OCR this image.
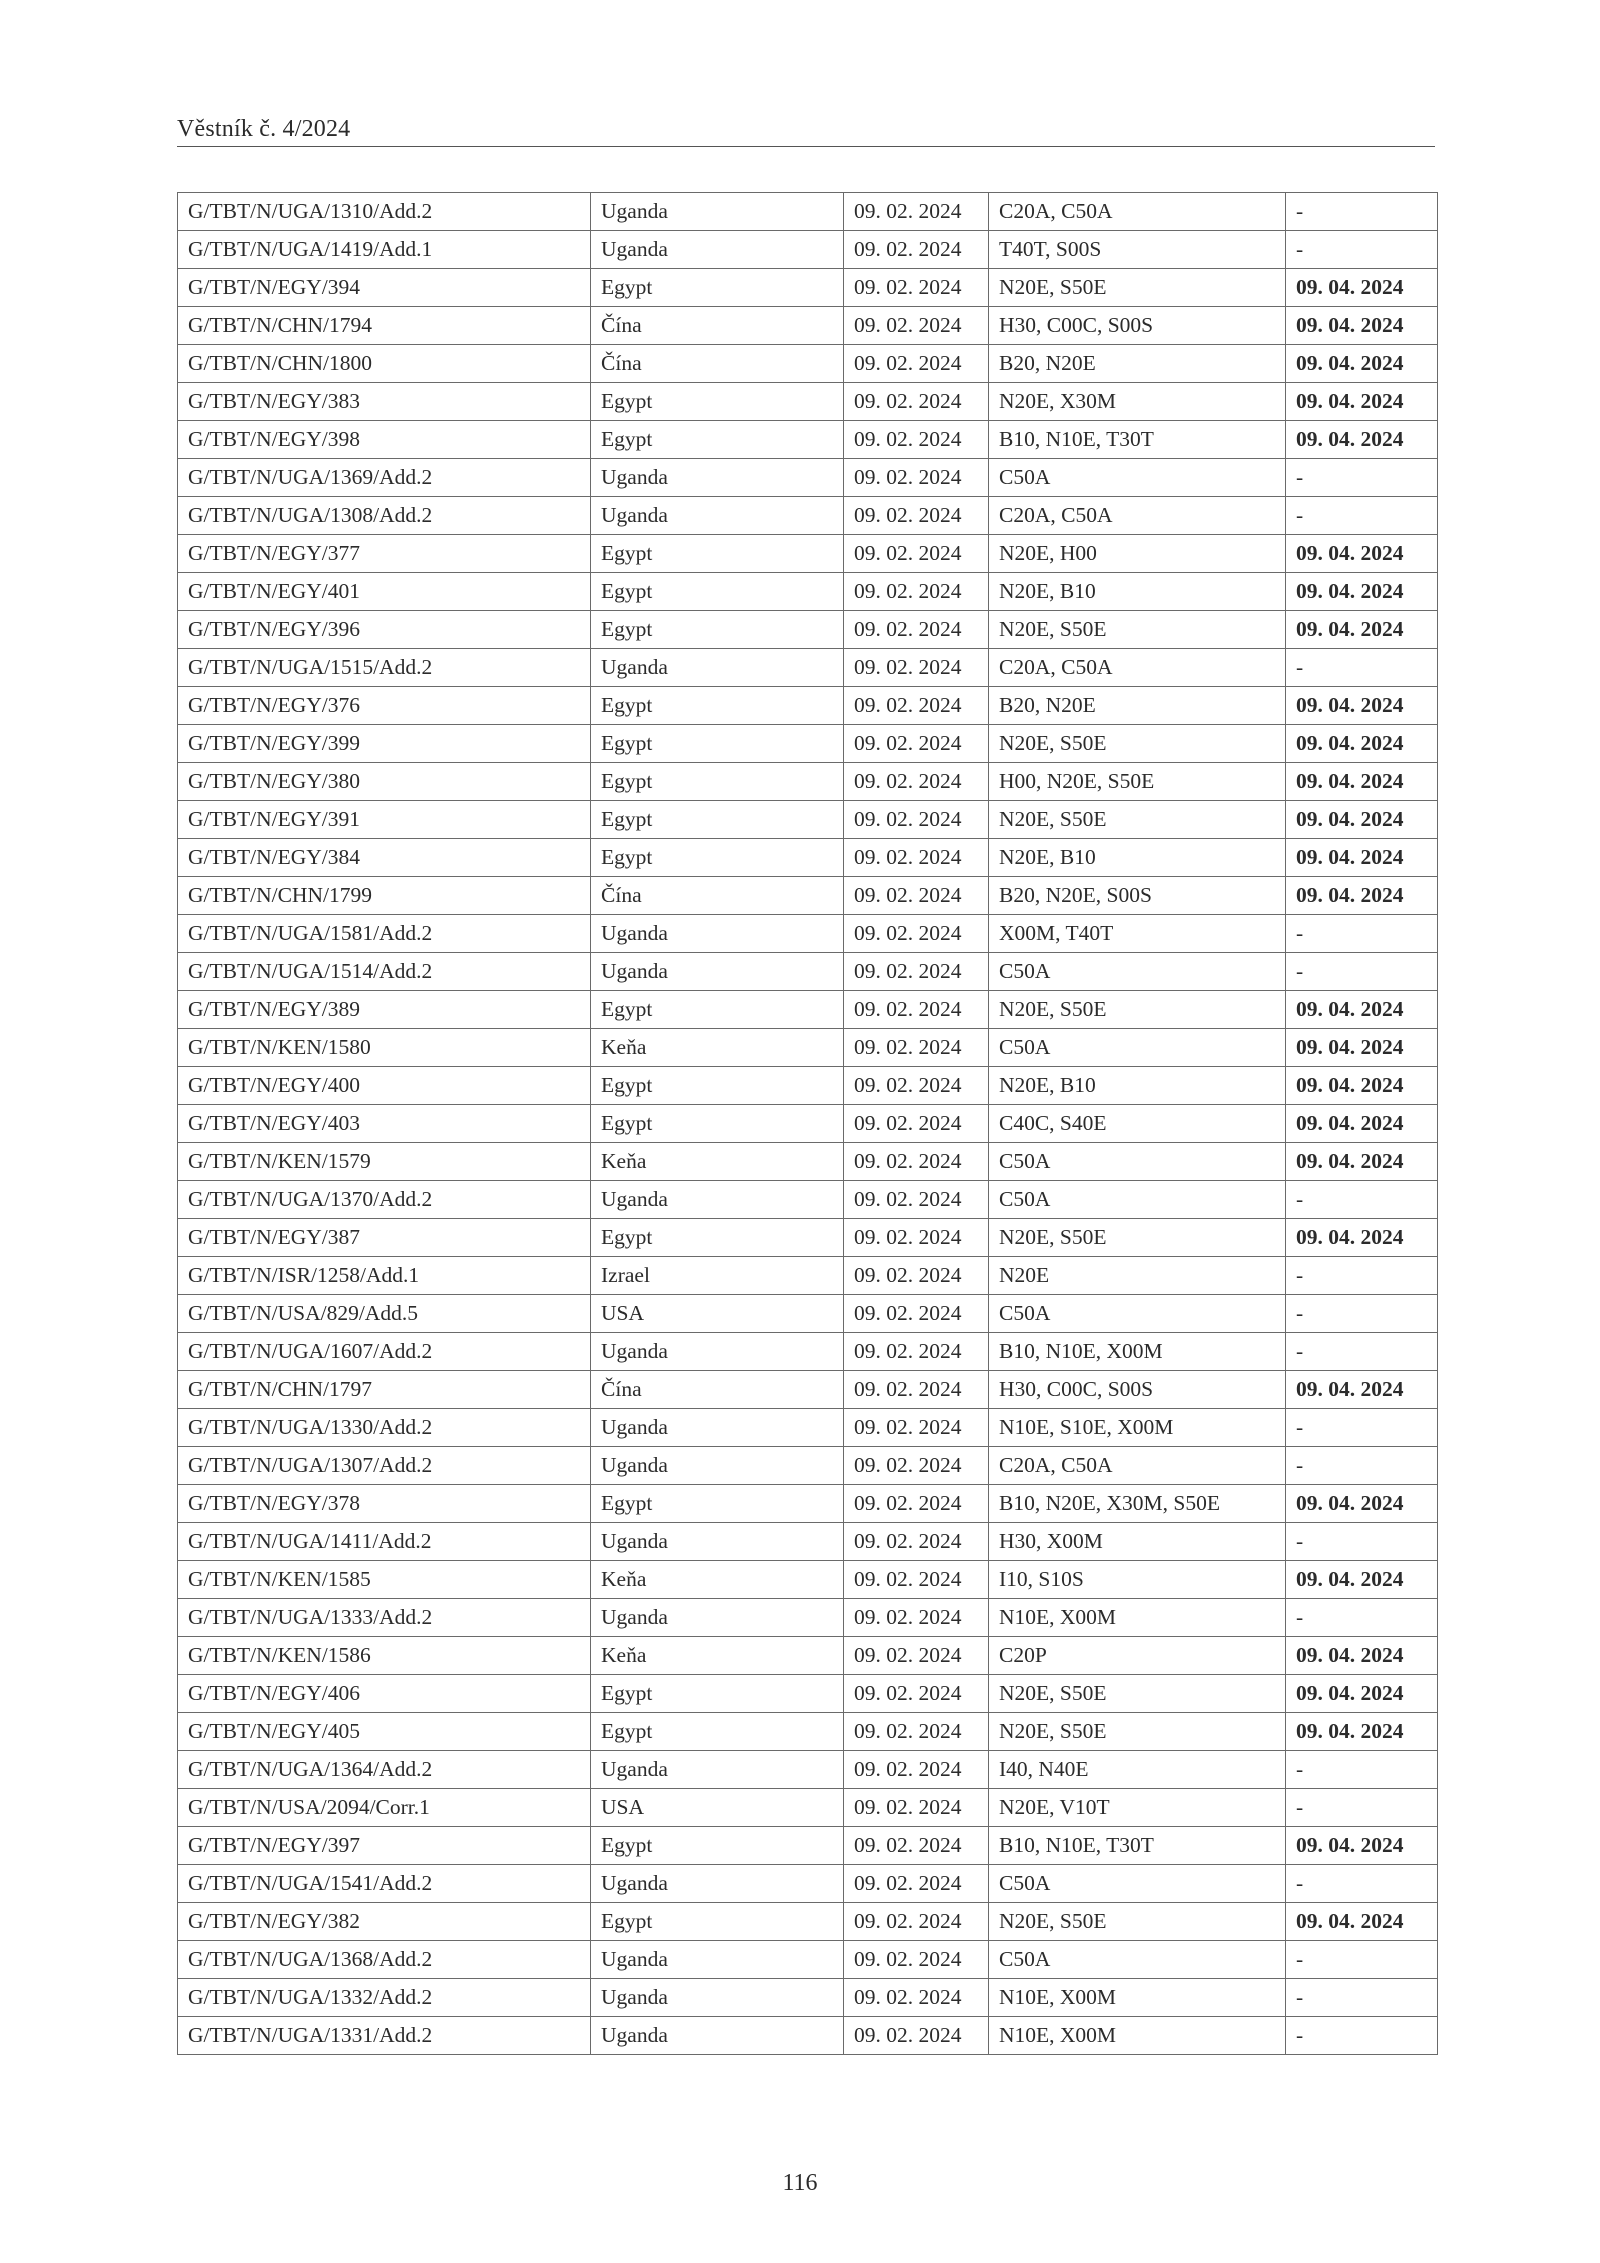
Věstník č. 4/2024
G/TBT/N/UGA/1310/Add.2	Uganda	09. 02. 2024	C20A, C50A	-
G/TBT/N/UGA/1419/Add.1	Uganda	09. 02. 2024	T40T, S00S	-
G/TBT/N/EGY/394	Egypt	09. 02. 2024	N20E, S50E	09. 04. 2024
G/TBT/N/CHN/1794	Čína	09. 02. 2024	H30, C00C, S00S	09. 04. 2024
G/TBT/N/CHN/1800	Čína	09. 02. 2024	B20, N20E	09. 04. 2024
G/TBT/N/EGY/383	Egypt	09. 02. 2024	N20E, X30M	09. 04. 2024
G/TBT/N/EGY/398	Egypt	09. 02. 2024	B10, N10E, T30T	09. 04. 2024
G/TBT/N/UGA/1369/Add.2	Uganda	09. 02. 2024	C50A	-
G/TBT/N/UGA/1308/Add.2	Uganda	09. 02. 2024	C20A, C50A	-
G/TBT/N/EGY/377	Egypt	09. 02. 2024	N20E, H00	09. 04. 2024
G/TBT/N/EGY/401	Egypt	09. 02. 2024	N20E, B10	09. 04. 2024
G/TBT/N/EGY/396	Egypt	09. 02. 2024	N20E, S50E	09. 04. 2024
G/TBT/N/UGA/1515/Add.2	Uganda	09. 02. 2024	C20A, C50A	-
G/TBT/N/EGY/376	Egypt	09. 02. 2024	B20, N20E	09. 04. 2024
G/TBT/N/EGY/399	Egypt	09. 02. 2024	N20E, S50E	09. 04. 2024
G/TBT/N/EGY/380	Egypt	09. 02. 2024	H00, N20E, S50E	09. 04. 2024
G/TBT/N/EGY/391	Egypt	09. 02. 2024	N20E, S50E	09. 04. 2024
G/TBT/N/EGY/384	Egypt	09. 02. 2024	N20E, B10	09. 04. 2024
G/TBT/N/CHN/1799	Čína	09. 02. 2024	B20, N20E, S00S	09. 04. 2024
G/TBT/N/UGA/1581/Add.2	Uganda	09. 02. 2024	X00M, T40T	-
G/TBT/N/UGA/1514/Add.2	Uganda	09. 02. 2024	C50A	-
G/TBT/N/EGY/389	Egypt	09. 02. 2024	N20E, S50E	09. 04. 2024
G/TBT/N/KEN/1580	Keňa	09. 02. 2024	C50A	09. 04. 2024
G/TBT/N/EGY/400	Egypt	09. 02. 2024	N20E, B10	09. 04. 2024
G/TBT/N/EGY/403	Egypt	09. 02. 2024	C40C, S40E	09. 04. 2024
G/TBT/N/KEN/1579	Keňa	09. 02. 2024	C50A	09. 04. 2024
G/TBT/N/UGA/1370/Add.2	Uganda	09. 02. 2024	C50A	-
G/TBT/N/EGY/387	Egypt	09. 02. 2024	N20E, S50E	09. 04. 2024
G/TBT/N/ISR/1258/Add.1	Izrael	09. 02. 2024	N20E	-
G/TBT/N/USA/829/Add.5	USA	09. 02. 2024	C50A	-
G/TBT/N/UGA/1607/Add.2	Uganda	09. 02. 2024	B10, N10E, X00M	-
G/TBT/N/CHN/1797	Čína	09. 02. 2024	H30, C00C, S00S	09. 04. 2024
G/TBT/N/UGA/1330/Add.2	Uganda	09. 02. 2024	N10E, S10E, X00M	-
G/TBT/N/UGA/1307/Add.2	Uganda	09. 02. 2024	C20A, C50A	-
G/TBT/N/EGY/378	Egypt	09. 02. 2024	B10, N20E, X30M, S50E	09. 04. 2024
G/TBT/N/UGA/1411/Add.2	Uganda	09. 02. 2024	H30, X00M	-
G/TBT/N/KEN/1585	Keňa	09. 02. 2024	I10, S10S	09. 04. 2024
G/TBT/N/UGA/1333/Add.2	Uganda	09. 02. 2024	N10E, X00M	-
G/TBT/N/KEN/1586	Keňa	09. 02. 2024	C20P	09. 04. 2024
G/TBT/N/EGY/406	Egypt	09. 02. 2024	N20E, S50E	09. 04. 2024
G/TBT/N/EGY/405	Egypt	09. 02. 2024	N20E, S50E	09. 04. 2024
G/TBT/N/UGA/1364/Add.2	Uganda	09. 02. 2024	I40, N40E	-
G/TBT/N/USA/2094/Corr.1	USA	09. 02. 2024	N20E, V10T	-
G/TBT/N/EGY/397	Egypt	09. 02. 2024	B10, N10E, T30T	09. 04. 2024
G/TBT/N/UGA/1541/Add.2	Uganda	09. 02. 2024	C50A	-
G/TBT/N/EGY/382	Egypt	09. 02. 2024	N20E, S50E	09. 04. 2024
G/TBT/N/UGA/1368/Add.2	Uganda	09. 02. 2024	C50A	-
G/TBT/N/UGA/1332/Add.2	Uganda	09. 02. 2024	N10E, X00M	-
G/TBT/N/UGA/1331/Add.2	Uganda	09. 02. 2024	N10E, X00M	-
116
